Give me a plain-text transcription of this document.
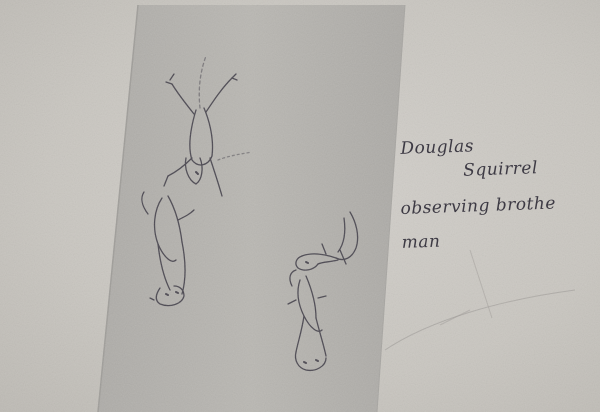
Douglas
Squirrel
observing brothe
man
